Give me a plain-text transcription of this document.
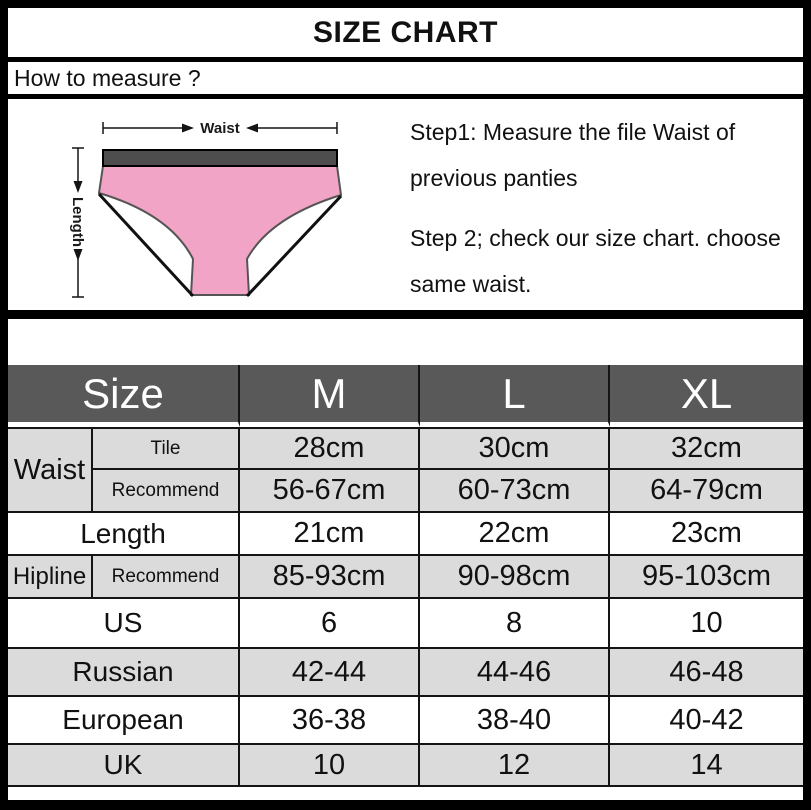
SIZE CHART
How to measure ?
Waist
Length

Step1: Measure the file Waist of
previous panties

Step 2; check our size chart. choose
same waist.

Size		M	L	XL
Waist	Tile	28cm	30cm	32cm
	Recommend	56-67cm	60-73cm	64-79cm
Length		21cm	22cm	23cm
Hipline	Recommend	85-93cm	90-98cm	95-103cm
US		6	8	10
Russian		42-44	44-46	46-48
European		36-38	38-40	40-42
UK		10	12	14
